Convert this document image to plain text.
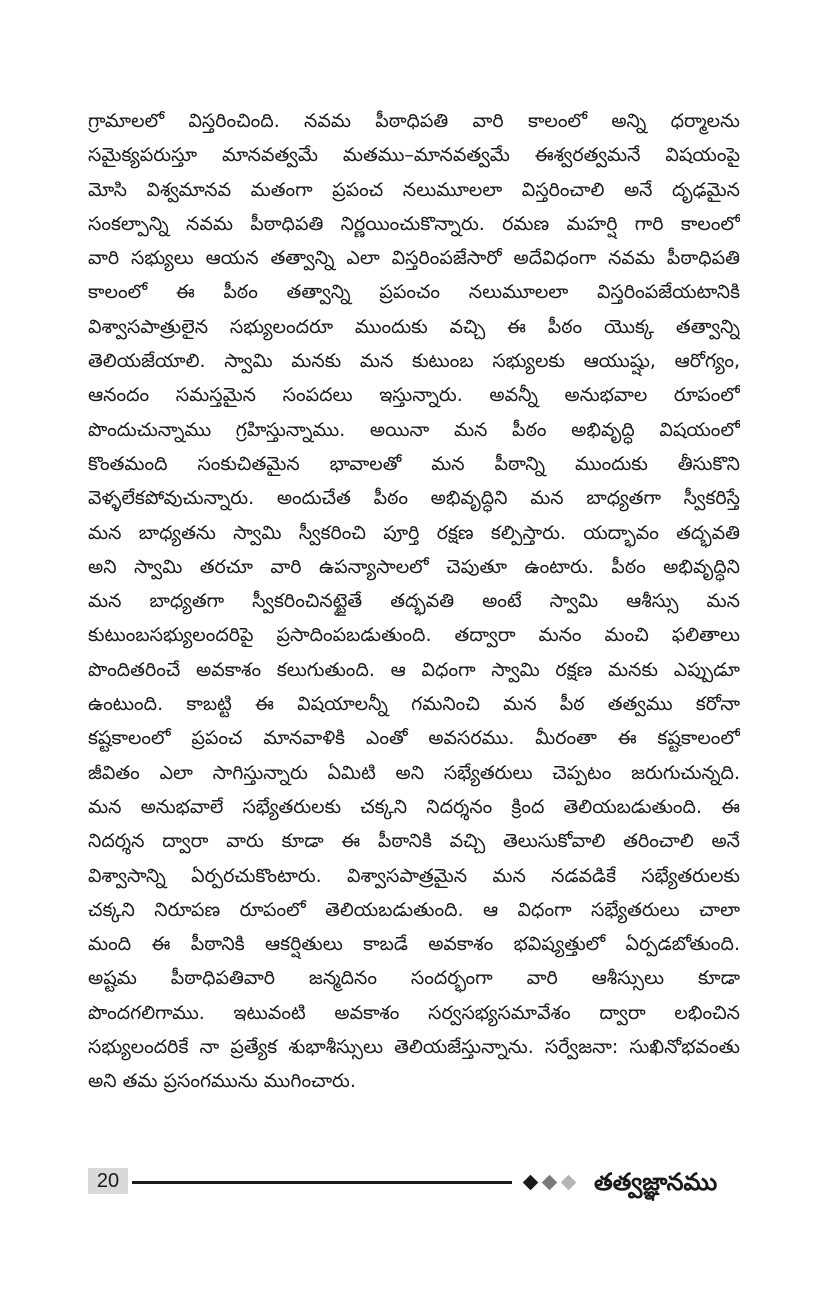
గ్రామాలలో విస్తరించింది. నవమ పీఠాధిపతి వారి కాలంలో అన్ని ధర్మాలను
సమైక్యపరుస్తూ మానవత్వమే మతము–మానవత్వమే ఈశ్వరత్వమనే విషయంపై
మోసి విశ్వమానవ మతంగా ప్రపంచ నలుమూలలా విస్తరించాలి అనే దృఢమైన
సంకల్పాన్ని నవమ పీఠాధిపతి నిర్ణయించుకొన్నారు. రమణ మహర్షి గారి కాలంలో
వారి సభ్యులు ఆయన తత్వాన్ని ఎలా విస్తరింపజేసారో అదేవిధంగా నవమ పీఠాధిపతి
కాలంలో ఈ పీఠం తత్వాన్ని ప్రపంచం నలుమూలలా విస్తరింపజేయటానికి
విశ్వాసపాత్రులైన సభ్యులందరూ ముందుకు వచ్చి ఈ పీఠం యొక్క తత్వాన్ని
తెలియజేయాలి. స్వామి మనకు మన కుటుంబ సభ్యులకు ఆయుష్షు, ఆరోగ్యం,
ఆనందం సమస్తమైన సంపదలు ఇస్తున్నారు. అవన్నీ అనుభవాల రూపంలో
పొందుచున్నాము గ్రహిస్తున్నాము. అయినా మన పీఠం అభివృద్ధి విషయంలో
కొంతమంది సంకుచితమైన భావాలతో మన పీఠాన్ని ముందుకు తీసుకొని
వెళ్ళలేకపోవుచున్నారు. అందుచేత పీఠం అభివృద్ధిని మన బాధ్యతగా స్వీకరిస్తే
మన బాధ్యతను స్వామి స్వీకరించి పూర్తి రక్షణ కల్పిస్తారు. యద్భావం తద్భవతి
అని స్వామి తరచూ వారి ఉపన్యాసాలలో చెపుతూ ఉంటారు. పీఠం అభివృద్ధిని
మన బాధ్యతగా స్వీకరించినట్టైతే తద్భవతి అంటే స్వామి ఆశీస్సు మన
కుటుంబసభ్యులందరిపై ప్రసాదింపబడుతుంది. తద్వారా మనం మంచి ఫలితాలు
పొందితరించే అవకాశం కలుగుతుంది. ఆ విధంగా స్వామి రక్షణ మనకు ఎప్పుడూ
ఉంటుంది. కాబట్టి ఈ విషయాలన్నీ గమనించి మన పీఠ తత్వము కరోనా
కష్టకాలంలో ప్రపంచ మానవాళికి ఎంతో అవసరము. మీరంతా ఈ కష్టకాలంలో
జీవితం ఎలా సాగిస్తున్నారు ఏమిటి అని సభ్యేతరులు చెప్పటం జరుగుచున్నది.
మన అనుభవాలే సభ్యేతరులకు చక్కని నిదర్శనం క్రింద తెలియబడుతుంది. ఈ
నిదర్శన ద్వారా వారు కూడా ఈ పీఠానికి వచ్చి తెలుసుకోవాలి తరించాలి అనే
విశ్వాసాన్ని ఏర్పరచుకొంటారు. విశ్వాసపాత్రమైన మన నడవడికే సభ్యేతరులకు
చక్కని నిరూపణ రూపంలో తెలియబడుతుంది. ఆ విధంగా సభ్యేతరులు చాలా
మంది ఈ పీఠానికి ఆకర్షితులు కాబడే అవకాశం భవిష్యత్తులో ఏర్పడబోతుంది.
అష్టమ పీఠాధిపతివారి జన్మదినం సందర్భంగా వారి ఆశీస్సులు కూడా
పొందగలిగాము. ఇటువంటి అవకాశం సర్వసభ్యసమావేశం ద్వారా లభించిన
సభ్యులందరికే నా ప్రత్యేక శుభాశీస్సులు తెలియజేస్తున్నాను. సర్వేజనా: సుఖినోభవంతు
అని తమ ప్రసంగమును ముగించారు.
20	తత్వజ్ఞానము
